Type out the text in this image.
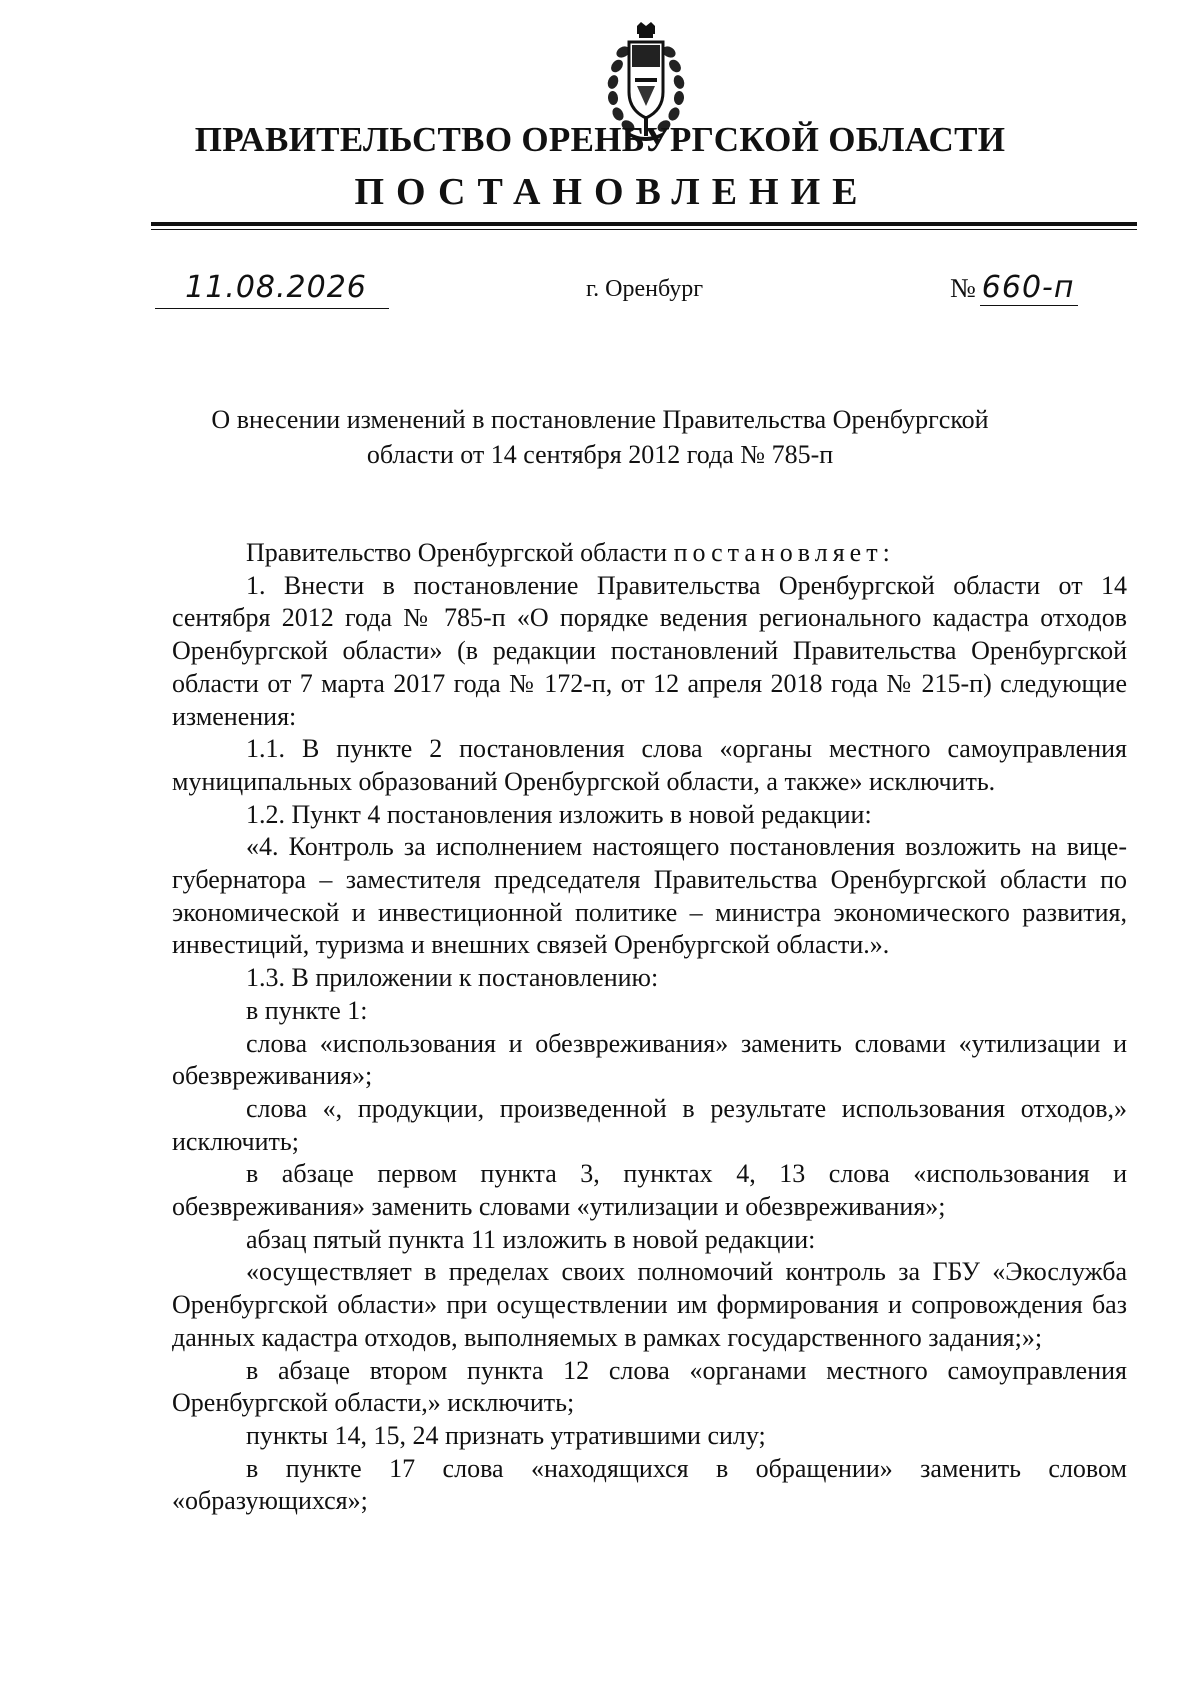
ПРАВИТЕЛЬСТВО ОРЕНБУРГСКОЙ ОБЛАСТИ
ПОСТАНОВЛЕНИЕ
11.08.2026	г. Оренбург	№ 660-п
О внесении изменений в постановление Правительства Оренбургской
области от 14 сентября 2012 года № 785-п

Правительство Оренбургской области постановляет:

1. Внести в постановление Правительства Оренбургской области от 14 сентября 2012 года № 785-п «О порядке ведения регионального кадастра отходов Оренбургской области» (в редакции постановлений Правительства Оренбургской области от 7 марта 2017 года № 172-п, от 12 апреля 2018 года № 215-п) следующие изменения:

1.1. В пункте 2 постановления слова «органы местного самоуправления муниципальных образований Оренбургской области, а также» исключить.

1.2. Пункт 4 постановления изложить в новой редакции:

«4. Контроль за исполнением настоящего постановления возложить на вице-губернатора – заместителя председателя Правительства Оренбургской области по экономической и инвестиционной политике – министра экономического развития, инвестиций, туризма и внешних связей Оренбургской области.».

1.3. В приложении к постановлению:

в пункте 1:

слова «использования и обезвреживания» заменить словами «утилизации и обезвреживания»;

слова «, продукции, произведенной в результате использования отходов,» исключить;

в абзаце первом пункта 3, пунктах 4, 13 слова «использования и обезвреживания» заменить словами «утилизации и обезвреживания»;

абзац пятый пункта 11 изложить в новой редакции:

«осуществляет в пределах своих полномочий контроль за ГБУ «Экослужба Оренбургской области» при осуществлении им формирования и сопровождения баз данных кадастра отходов, выполняемых в рамках государственного задания;»;

в абзаце втором пункта 12 слова «органами местного самоуправления Оренбургской области,» исключить;

пункты 14, 15, 24 признать утратившими силу;

в пункте 17 слова «находящихся в обращении» заменить словом «образующихся»;
